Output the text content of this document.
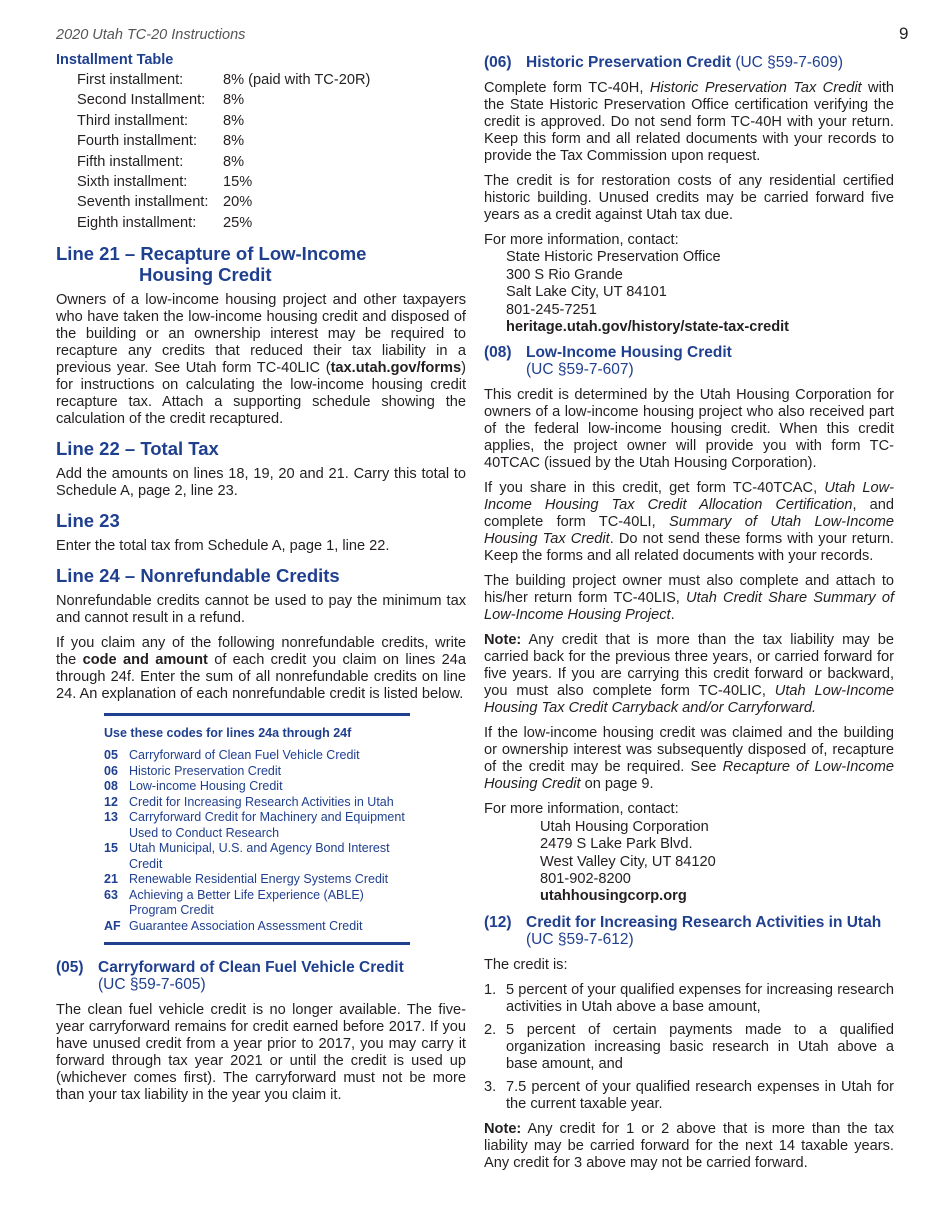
2020 Utah TC-20 Instructions	9
Installment Table
First installment:	8% (paid with TC-20R)
Second Installment:	8%
Third installment:	8%
Fourth installment:	8%
Fifth installment:	8%
Sixth installment:	15%
Seventh installment: 20%
Eighth installment:	25%
Line 21 – Recapture of Low-Income
Housing Credit

Owners of a low-income housing project and other taxpayers who have taken the low-income housing credit and disposed of the building or an ownership interest may be required to recapture any credits that reduced their tax liability in a previous year. See Utah form TC-40LIC (tax.utah.gov/forms) for instructions on calculating the low-income housing credit recapture tax. Attach a supporting schedule showing the calculation of the credit recaptured.

Line 22 – Total Tax

Add the amounts on lines 18, 19, 20 and 21. Carry this total to Schedule A, page 2, line 23.

Line 23

Enter the total tax from Schedule A, page 1, line 22.

Line 24 – Nonrefundable Credits

Nonrefundable credits cannot be used to pay the minimum tax and cannot result in a refund.

If you claim any of the following nonrefundable credits, write the code and amount of each credit you claim on lines 24a through 24f. Enter the sum of all nonrefundable credits on line 24. An explanation of each nonrefundable credit is listed below.

Use these codes for lines 24a through 24f
05 Carryforward of Clean Fuel Vehicle Credit
06 Historic Preservation Credit
08 Low-income Housing Credit
12 Credit for Increasing Research Activities in Utah
13 Carryforward Credit for Machinery and Equipment Used to Conduct Research
15 Utah Municipal, U.S. and Agency Bond Interest Credit
21 Renewable Residential Energy Systems Credit
63 Achieving a Better Life Experience (ABLE) Program Credit
AF Guarantee Association Assessment Credit
(05) Carryforward of Clean Fuel Vehicle Credit
(UC §59-7-605)

The clean fuel vehicle credit is no longer available. The five-year carryforward remains for credit earned before 2017. If you have unused credit from a year prior to 2017, you may carry it forward through tax year 2021 or until the credit is used up (whichever comes first). The carryforward must not be more than your tax liability in the year you claim it.

(06) Historic Preservation Credit (UC §59-7-609)

Complete form TC-40H, Historic Preservation Tax Credit with the State Historic Preservation Office certification verifying the credit is approved. Do not send form TC-40H with your return. Keep this form and all related documents with your records to provide the Tax Commission upon request.

The credit is for restoration costs of any residential certified historic building. Unused credits may be carried forward five years as a credit against Utah tax due.

For more information, contact:
State Historic Preservation Office
300 S Rio Grande
Salt Lake City, UT 84101
801-245-7251
heritage.utah.gov/history/state-tax-credit
(08) Low-Income Housing Credit
(UC §59-7-607)

This credit is determined by the Utah Housing Corporation for owners of a low-income housing project who also received part of the federal low-income housing credit. When this credit applies, the project owner will provide you with form TC-40TCAC (issued by the Utah Housing Corporation).

If you share in this credit, get form TC-40TCAC, Utah Low-Income Housing Tax Credit Allocation Certification, and complete form TC-40LI, Summary of Utah Low-Income Housing Tax Credit. Do not send these forms with your return. Keep the forms and all related documents with your records.

The building project owner must also complete and attach to his/her return form TC-40LIS, Utah Credit Share Summary of Low-Income Housing Project.

Note: Any credit that is more than the tax liability may be carried back for the previous three years, or carried forward for five years. If you are carrying this credit forward or backward, you must also complete form TC-40LIC, Utah Low-Income Housing Tax Credit Carryback and/or Carryforward.

If the low-income housing credit was claimed and the building or ownership interest was subsequently disposed of, recapture of the credit may be required. See Recapture of Low-Income Housing Credit on page 9.

For more information, contact:
Utah Housing Corporation
2479 S Lake Park Blvd.
West Valley City, UT 84120
801-902-8200
utahhousingcorp.org
(12) Credit for Increasing Research Activities in Utah
(UC §59-7-612)

The credit is:

1. 5 percent of your qualified expenses for increasing research activities in Utah above a base amount,
2. 5 percent of certain payments made to a qualified organization increasing basic research in Utah above a base amount, and
3. 7.5 percent of your qualified research expenses in Utah for the current taxable year.

Note: Any credit for 1 or 2 above that is more than the tax liability may be carried forward for the next 14 taxable years. Any credit for 3 above may not be carried forward.
